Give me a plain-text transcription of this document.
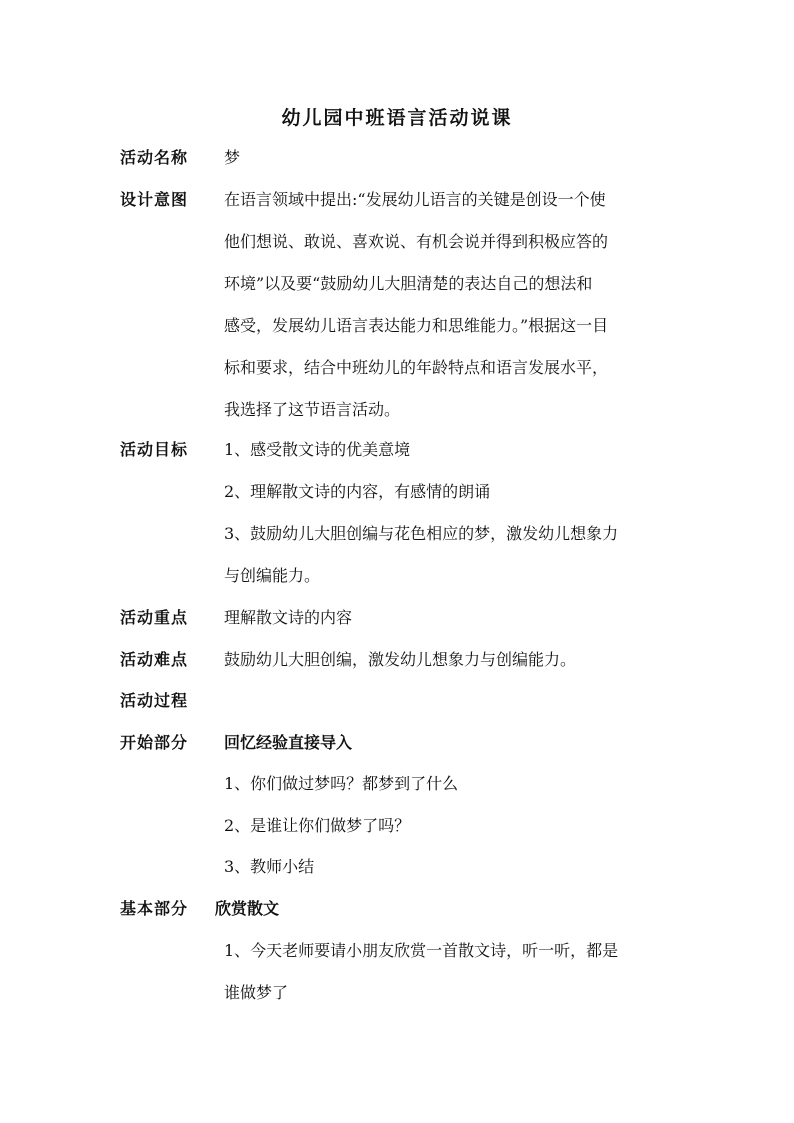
幼儿园中班语言活动说课
活动名称 梦
设计意图 在语言领域中提出:“发展幼儿语言的关键是创设一个使
他们想说、敢说、喜欢说、有机会说并得到积极应答的
环境”以及要“鼓励幼儿大胆清楚的表达自己的想法和
感受，发展幼儿语言表达能力和思维能力。”根据这一目
标和要求，结合中班幼儿的年龄特点和语言发展水平，
我选择了这节语言活动。
活动目标 1、感受散文诗的优美意境
2、理解散文诗的内容，有感情的朗诵
3、鼓励幼儿大胆创编与花色相应的梦，激发幼儿想象力
与创编能力。
活动重点 理解散文诗的内容
活动难点 鼓励幼儿大胆创编，激发幼儿想象力与创编能力。
活动过程
开始部分 回忆经验直接导入
1、你们做过梦吗？都梦到了什么
2、是谁让你们做梦了吗？
3、教师小结
基本部分 欣赏散文
1、今天老师要请小朋友欣赏一首散文诗，听一听，都是
谁做梦了
